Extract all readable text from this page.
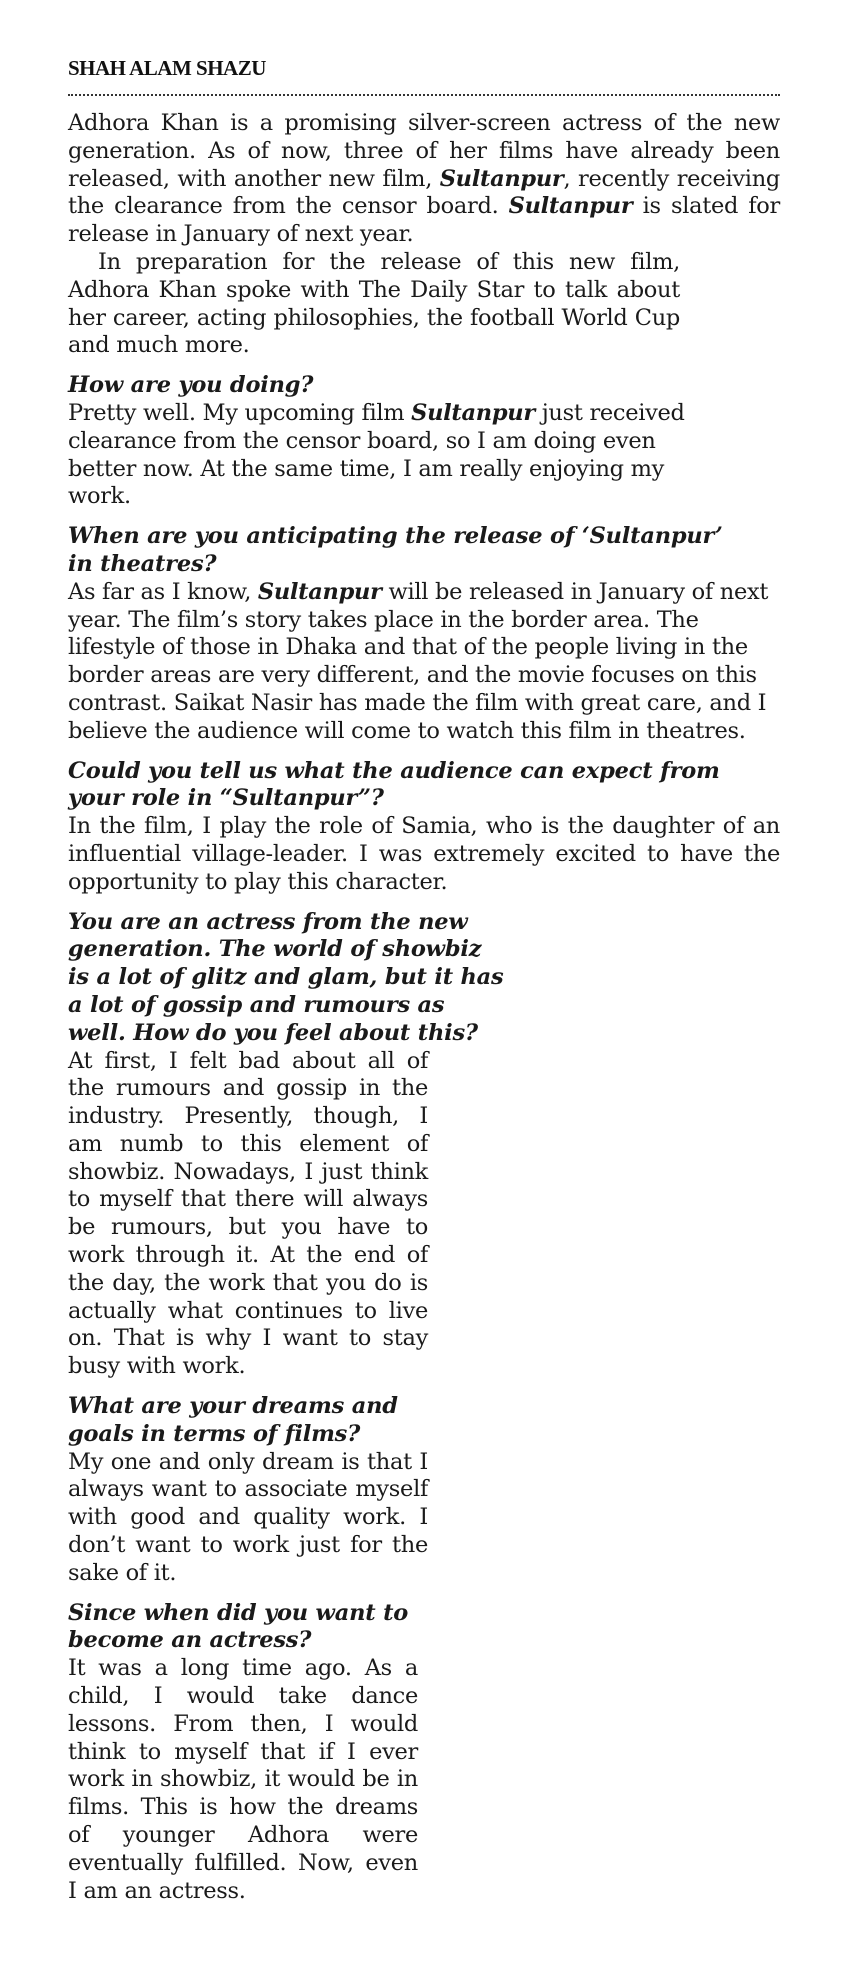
SHAH ALAM SHAZU

Adhora Khan is a promising silver-screen actress of the new generation. As of now, three of her films have already been released, with another new film, Sultanpur, recently receiving the clearance from the censor board. Sultanpur is slated for release in January of next year.

In preparation for the release of this new film, Adhora Khan spoke with The Daily Star to talk about her career, acting philosophies, the football World Cup and much more.

How are you doing?

Pretty well. My upcoming film Sultanpur just received clearance from the censor board, so I am doing even better now. At the same time, I am really enjoying my work.

When are you anticipating the release of ‘Sultanpur’ in theatres?

As far as I know, Sultanpur will be released in January of next year. The film’s story takes place in the border area. The lifestyle of those in Dhaka and that of the people living in the border areas are very different, and the movie focuses on this contrast. Saikat Nasir has made the film with great care, and I believe the audience will come to watch this film in theatres.

Could you tell us what the audience can expect from your role in “Sultanpur”?

In the film, I play the role of Samia, who is the daughter of an influential village-leader. I was extremely excited to have the opportunity to play this character.

You are an actress from the new generation. The world of showbiz is a lot of glitz and glam, but it has a lot of gossip and rumours as well. How do you feel about this?

At first, I felt bad about all of the rumours and gossip in the industry. Presently, though, I am numb to this element of showbiz. Nowadays, I just think to myself that there will always be rumours, but you have to work through it. At the end of the day, the work that you do is actually what continues to live on. That is why I want to stay busy with work.

What are your dreams and goals in terms of films?

My one and only dream is that I always want to associate myself with good and quality work. I don’t want to work just for the sake of it.

Since when did you want to become an actress?

It was a long time ago. As a child, I would take dance lessons. From then, I would think to myself that if I ever work in showbiz, it would be in films. This is how the dreams of younger Adhora were eventually fulfilled. Now, even I am an actress.
